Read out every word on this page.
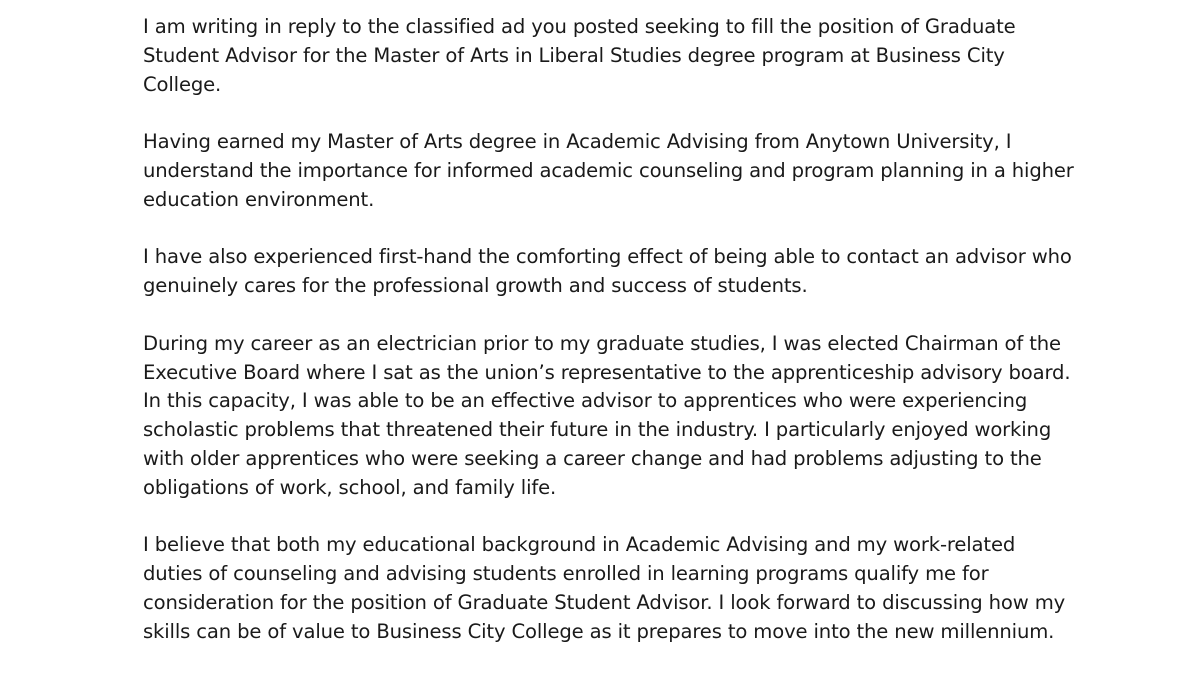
I am writing in reply to the classified ad you posted seeking to fill the position of Graduate
Student Advisor for the Master of Arts in Liberal Studies degree program at Business City
College.

Having earned my Master of Arts degree in Academic Advising from Anytown University, I
understand the importance for informed academic counseling and program planning in a higher
education environment.

I have also experienced first-hand the comforting effect of being able to contact an advisor who
genuinely cares for the professional growth and success of students.

During my career as an electrician prior to my graduate studies, I was elected Chairman of the
Executive Board where I sat as the union’s representative to the apprenticeship advisory board.
In this capacity, I was able to be an effective advisor to apprentices who were experiencing
scholastic problems that threatened their future in the industry. I particularly enjoyed working
with older apprentices who were seeking a career change and had problems adjusting to the
obligations of work, school, and family life.

I believe that both my educational background in Academic Advising and my work-related
duties of counseling and advising students enrolled in learning programs qualify me for
consideration for the position of Graduate Student Advisor. I look forward to discussing how my
skills can be of value to Business City College as it prepares to move into the new millennium.
